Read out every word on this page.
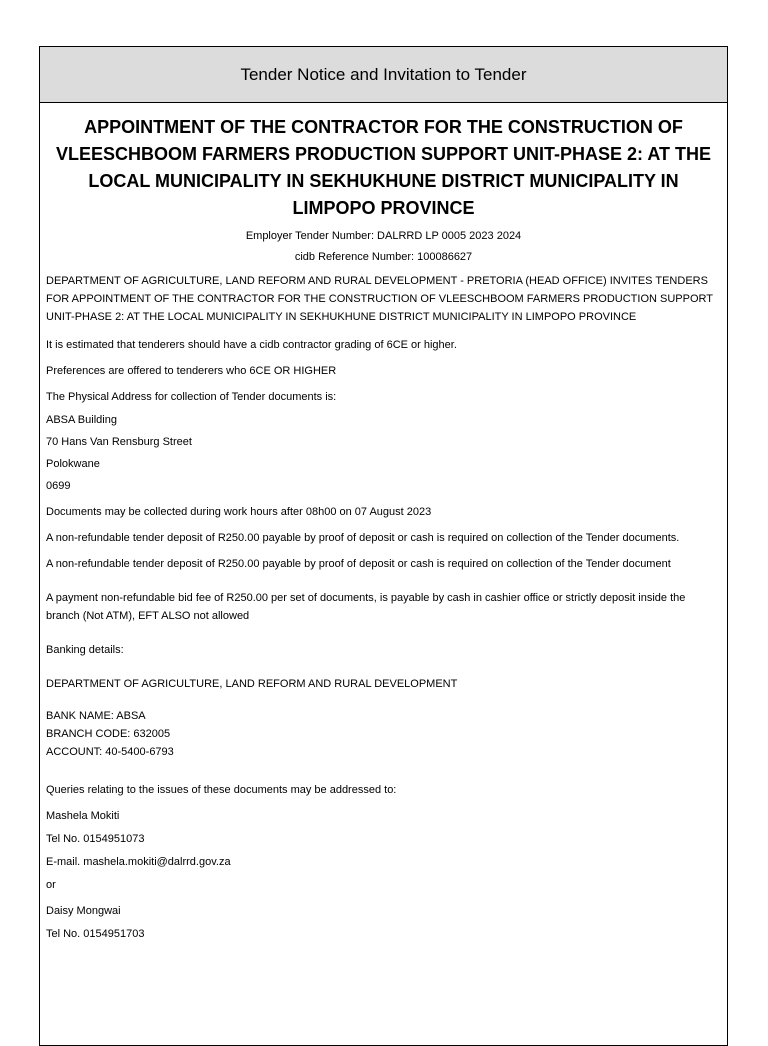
Tender Notice and Invitation to Tender
APPOINTMENT OF THE CONTRACTOR FOR THE CONSTRUCTION OF VLEESCHBOOM FARMERS PRODUCTION SUPPORT UNIT-PHASE 2: AT THE LOCAL MUNICIPALITY IN SEKHUKHUNE DISTRICT MUNICIPALITY IN LIMPOPO PROVINCE
Employer Tender Number: DALRRD LP 0005 2023 2024
cidb Reference Number: 100086627

DEPARTMENT OF AGRICULTURE, LAND REFORM AND RURAL DEVELOPMENT - PRETORIA (HEAD OFFICE) INVITES TENDERS FOR APPOINTMENT OF THE CONTRACTOR FOR THE CONSTRUCTION OF VLEESCHBOOM FARMERS PRODUCTION SUPPORT UNIT-PHASE 2: AT THE LOCAL MUNICIPALITY IN SEKHUKHUNE DISTRICT MUNICIPALITY IN LIMPOPO PROVINCE

It is estimated that tenderers should have a cidb contractor grading of 6CE or higher.

Preferences are offered to tenderers who 6CE OR HIGHER

The Physical Address for collection of Tender documents is:

ABSA Building

70 Hans Van Rensburg Street

Polokwane

0699

Documents may be collected during work hours after 08h00 on 07 August 2023

A non-refundable tender deposit of R250.00 payable by proof of deposit or cash is required on collection of the Tender documents.

A non-refundable tender deposit of R250.00 payable by proof of deposit or cash is required on collection of the Tender document

A payment non-refundable bid fee of R250.00 per set of documents, is payable by cash in cashier office or strictly deposit inside the branch (Not ATM), EFT ALSO not allowed

Banking details:

DEPARTMENT OF AGRICULTURE, LAND REFORM AND RURAL DEVELOPMENT

BANK NAME: ABSA

BRANCH CODE: 632005

ACCOUNT: 40-5400-6793

Queries relating to the issues of these documents may be addressed to:

Mashela Mokiti

Tel No. 0154951073

E-mail. mashela.mokiti@dalrrd.gov.za

or

Daisy Mongwai

Tel No. 0154951703
